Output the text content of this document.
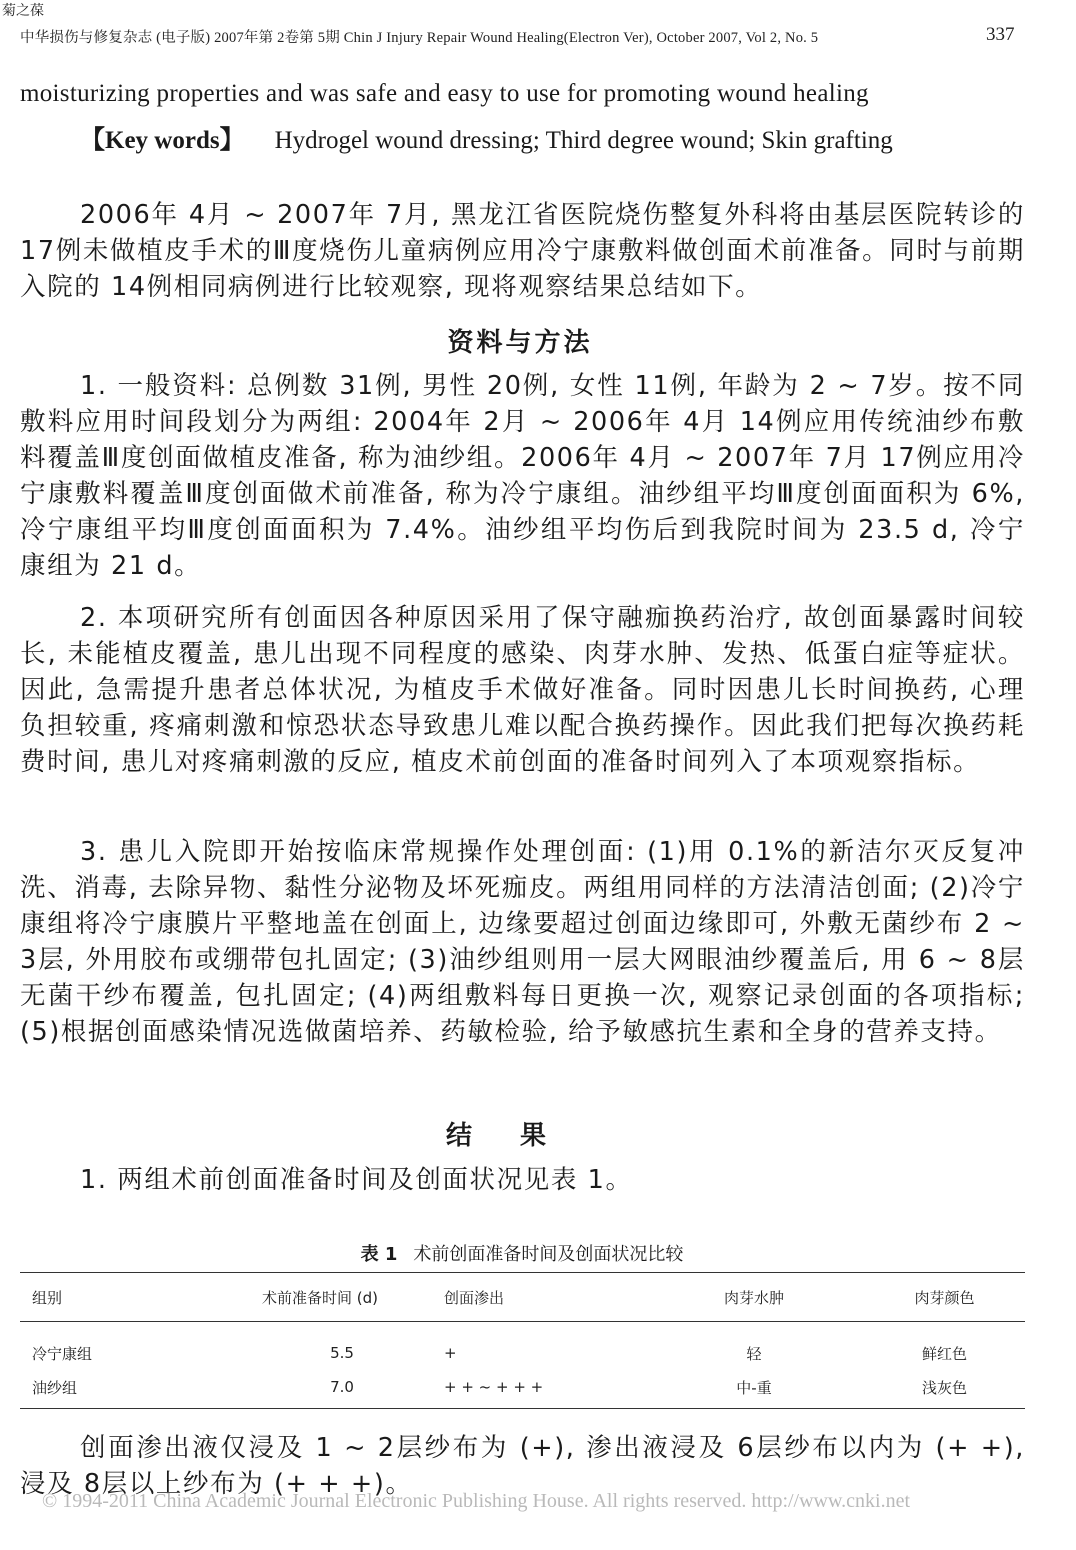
菊之葆
中华损伤与修复杂志 (电子版) 2007年第 2卷第 5期 Chin J Injury Repair Wound Healing(Electron Ver), October 2007, Vol 2, No. 5	337
moisturizing properties and was safe and easy to use for promoting wound healing
【Key words】 Hydrogel wound dressing; Third degree wound; Skin grafting

2006年 4月 ~ 2007年 7月, 黑龙江省医院烧伤整复外科将由基层医院转诊的 17例未做植皮手术的Ⅲ度烧伤儿童病例应用冷宁康敷料做创面术前准备。同时与前期入院的 14例相同病例进行比较观察, 现将观察结果总结如下。

资料与方法

1. 一般资料: 总例数 31例, 男性 20例, 女性 11例, 年龄为 2 ~ 7岁。按不同敷料应用时间段划分为两组: 2004年 2月 ~ 2006年 4月 14例应用传统油纱布敷料覆盖Ⅲ度创面做植皮准备, 称为油纱组。2006年 4月 ~ 2007年 7月 17例应用冷宁康敷料覆盖Ⅲ度创面做术前准备, 称为冷宁康组。油纱组平均Ⅲ度创面面积为 6%, 冷宁康组平均Ⅲ度创面面积为 7.4%。油纱组平均伤后到我院时间为 23.5 d, 冷宁康组为 21 d。

2. 本项研究所有创面因各种原因采用了保守融痂换药治疗, 故创面暴露时间较长, 未能植皮覆盖, 患儿出现不同程度的感染、肉芽水肿、发热、低蛋白症等症状。因此, 急需提升患者总体状况, 为植皮手术做好准备。同时因患儿长时间换药, 心理负担较重, 疼痛刺激和惊恐状态导致患儿难以配合换药操作。因此我们把每次换药耗费时间, 患儿对疼痛刺激的反应, 植皮术前创面的准备时间列入了本项观察指标。

3. 患儿入院即开始按临床常规操作处理创面: (1)用 0.1%的新洁尔灭反复冲洗、消毒, 去除异物、黏性分泌物及坏死痂皮。两组用同样的方法清洁创面; (2)冷宁康组将冷宁康膜片平整地盖在创面上, 边缘要超过创面边缘即可, 外敷无菌纱布 2 ~ 3层, 外用胶布或绷带包扎固定; (3)油纱组则用一层大网眼油纱覆盖后, 用 6 ~ 8层无菌干纱布覆盖, 包扎固定; (4)两组敷料每日更换一次, 观察记录创面的各项指标; (5)根据创面感染情况选做菌培养、药敏检验, 给予敏感抗生素和全身的营养支持。

结果

1. 两组术前创面准备时间及创面状况见表 1。

表 1 术前创面准备时间及创面状况比较
组别	术前准备时间 (d)	创面渗出	肉芽水肿	肉芽颜色
冷宁康组	5.5	+	轻	鲜红色
油纱组	7.0	+ + ~ + + +	中-重	浅灰色

创面渗出液仅浸及 1 ~ 2层纱布为 (+), 渗出液浸及 6层纱布以内为 (+ +), 浸及 8层以上纱布为 (+ + +)。

© 1994-2011 China Academic Journal Electronic Publishing House. All rights reserved. http://www.cnki.net
